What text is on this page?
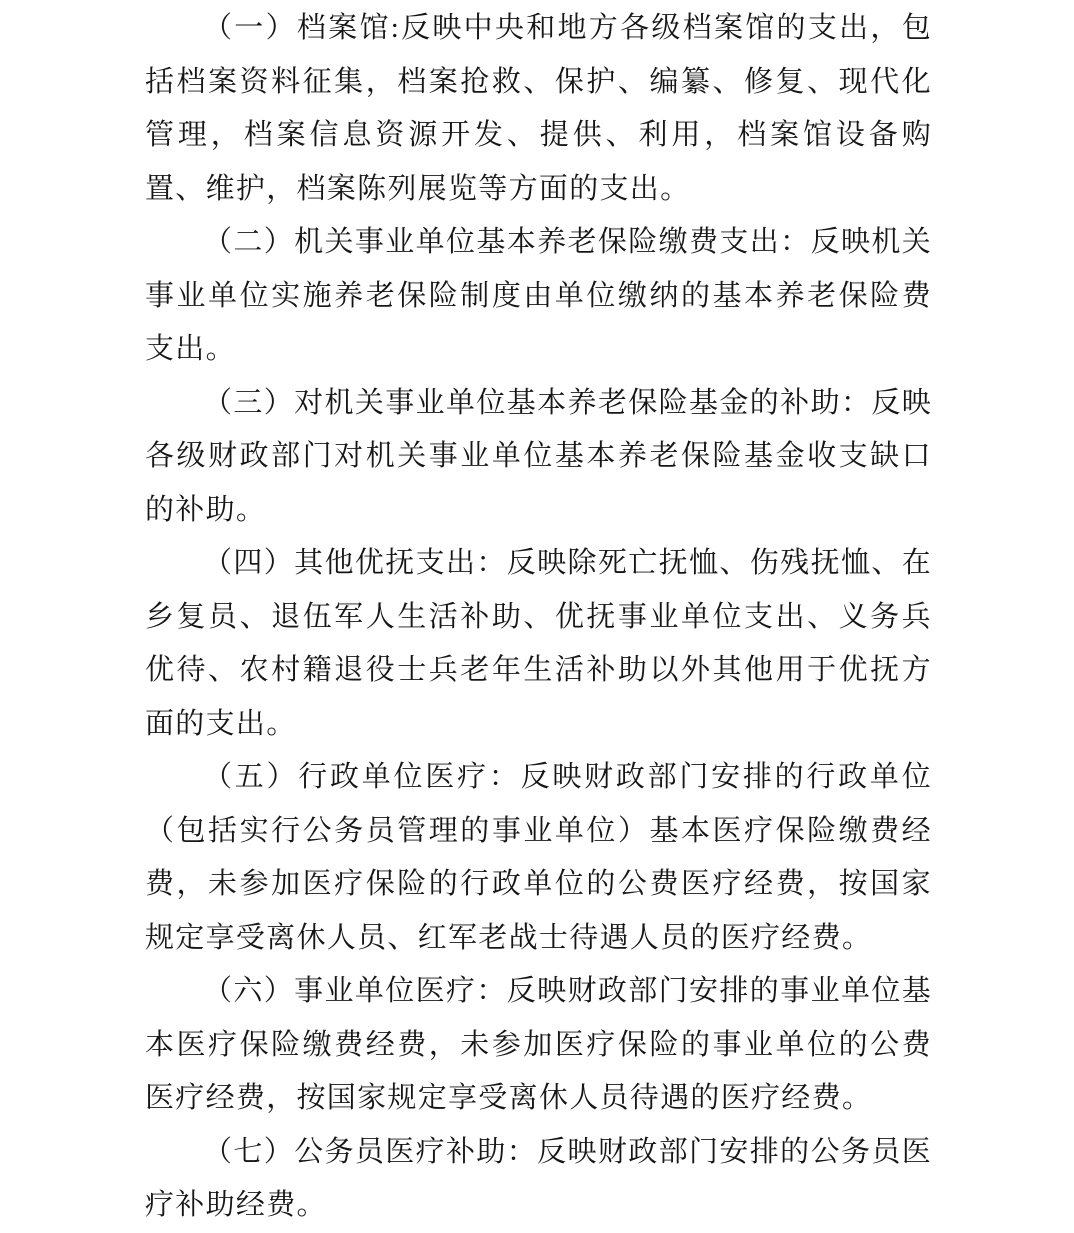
（一）档案馆:反映中央和地方各级档案馆的支出，包括档案资料征集，档案抢救、保护、编纂、修复、现代化管理，档案信息资源开发、提供、利用，档案馆设备购置、维护，档案陈列展览等方面的支出。

（二）机关事业单位基本养老保险缴费支出：反映机关事业单位实施养老保险制度由单位缴纳的基本养老保险费支出。

（三）对机关事业单位基本养老保险基金的补助：反映各级财政部门对机关事业单位基本养老保险基金收支缺口的补助。

（四）其他优抚支出：反映除死亡抚恤、伤残抚恤、在乡复员、退伍军人生活补助、优抚事业单位支出、义务兵优待、农村籍退役士兵老年生活补助以外其他用于优抚方面的支出。

（五）行政单位医疗：反映财政部门安排的行政单位（包括实行公务员管理的事业单位）基本医疗保险缴费经费，未参加医疗保险的行政单位的公费医疗经费，按国家规定享受离休人员、红军老战士待遇人员的医疗经费。

（六）事业单位医疗：反映财政部门安排的事业单位基本医疗保险缴费经费，未参加医疗保险的事业单位的公费医疗经费，按国家规定享受离休人员待遇的医疗经费。

（七）公务员医疗补助：反映财政部门安排的公务员医疗补助经费。
